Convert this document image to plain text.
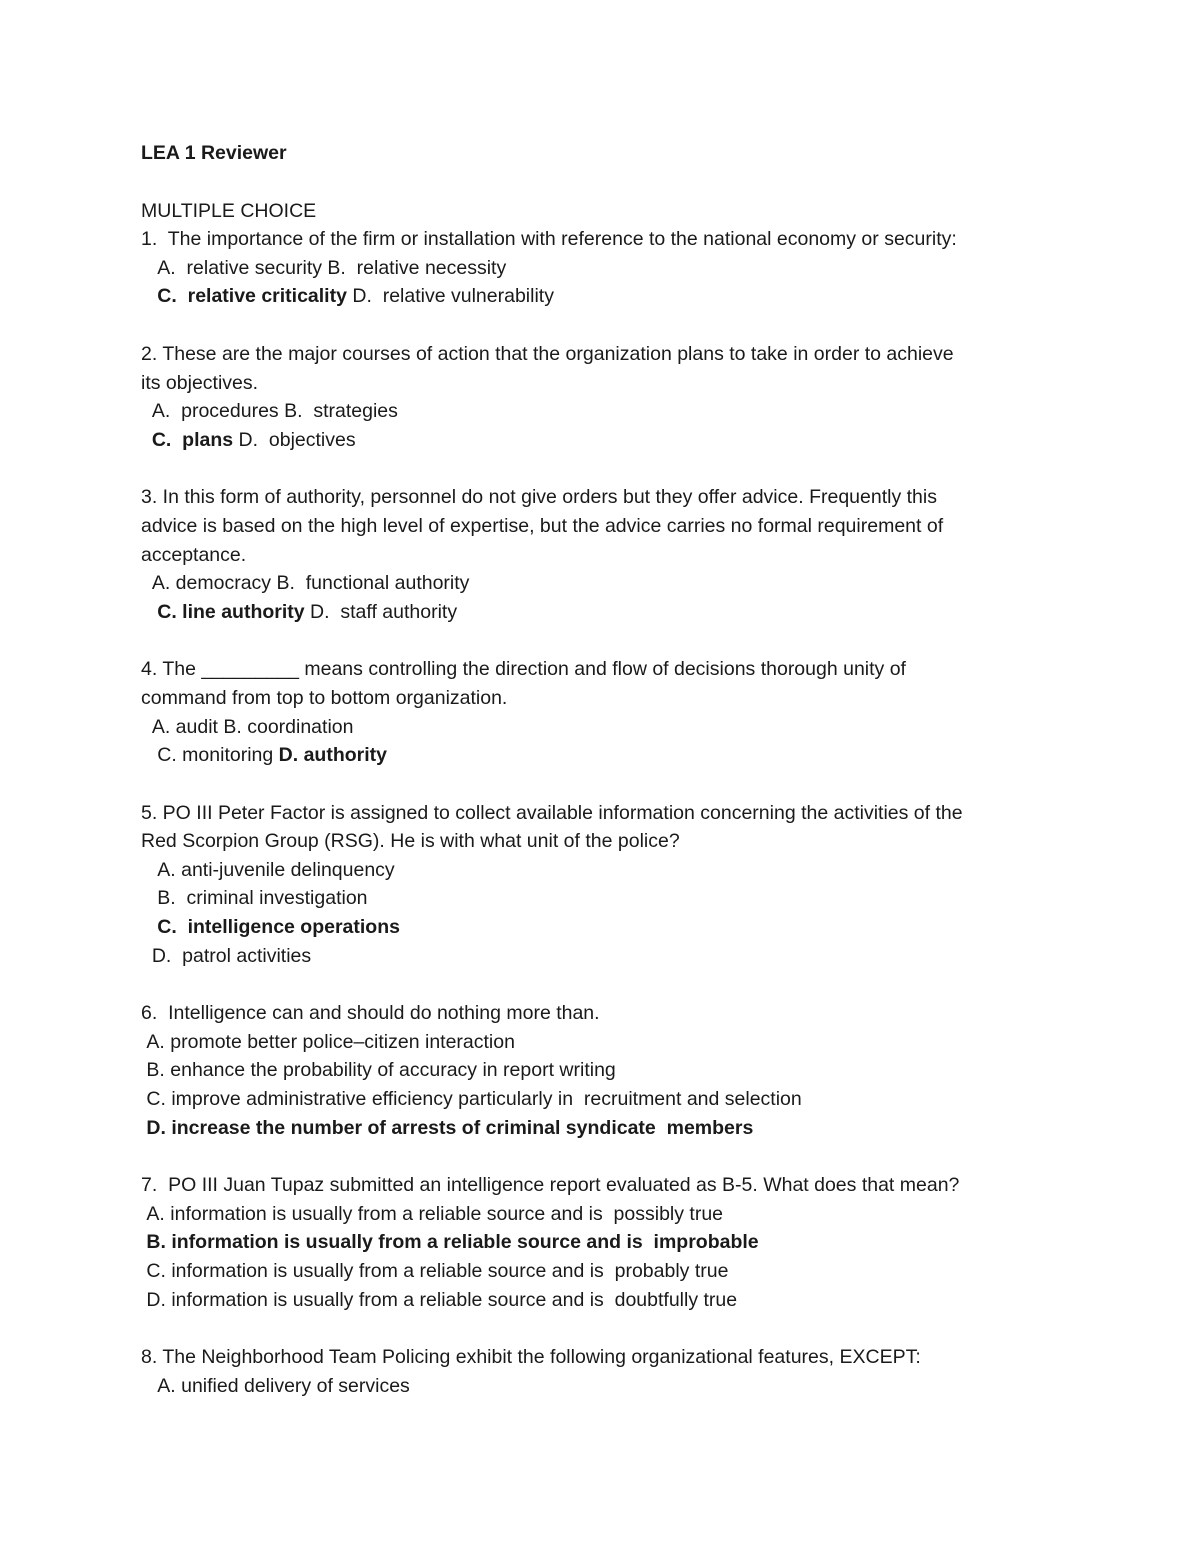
LEA 1 Reviewer

MULTIPLE CHOICE

1.  The importance of the firm or installation with reference to the national economy or security:

A.  relative security B.  relative necessity

C.  relative criticality D.  relative vulnerability

2. These are the major courses of action that the organization plans to take in order to achieve

its objectives.

A.  procedures B.  strategies

C.  plans D.  objectives

3. In this form of authority, personnel do not give orders but they offer advice. Frequently this

advice is based on the high level of expertise, but the advice carries no formal requirement of

acceptance.

A. democracy B.  functional authority

C. line authority D.  staff authority

4. The _________ means controlling the direction and flow of decisions thorough unity of

command from top to bottom organization.

A. audit B. coordination

C. monitoring D. authority

5. PO III Peter Factor is assigned to collect available information concerning the activities of the

Red Scorpion Group (RSG). He is with what unit of the police?

A. anti-juvenile delinquency

B.  criminal investigation

C.  intelligence operations

D.  patrol activities

6.  Intelligence can and should do nothing more than.

A. promote better police–citizen interaction

B. enhance the probability of accuracy in report writing

C. improve administrative efficiency particularly in  recruitment and selection

D. increase the number of arrests of criminal syndicate  members

7.  PO III Juan Tupaz submitted an intelligence report evaluated as B-5. What does that mean?

A. information is usually from a reliable source and is  possibly true

B. information is usually from a reliable source and is  improbable

C. information is usually from a reliable source and is  probably true

D. information is usually from a reliable source and is  doubtfully true

8. The Neighborhood Team Policing exhibit the following organizational features, EXCEPT:

A. unified delivery of services
